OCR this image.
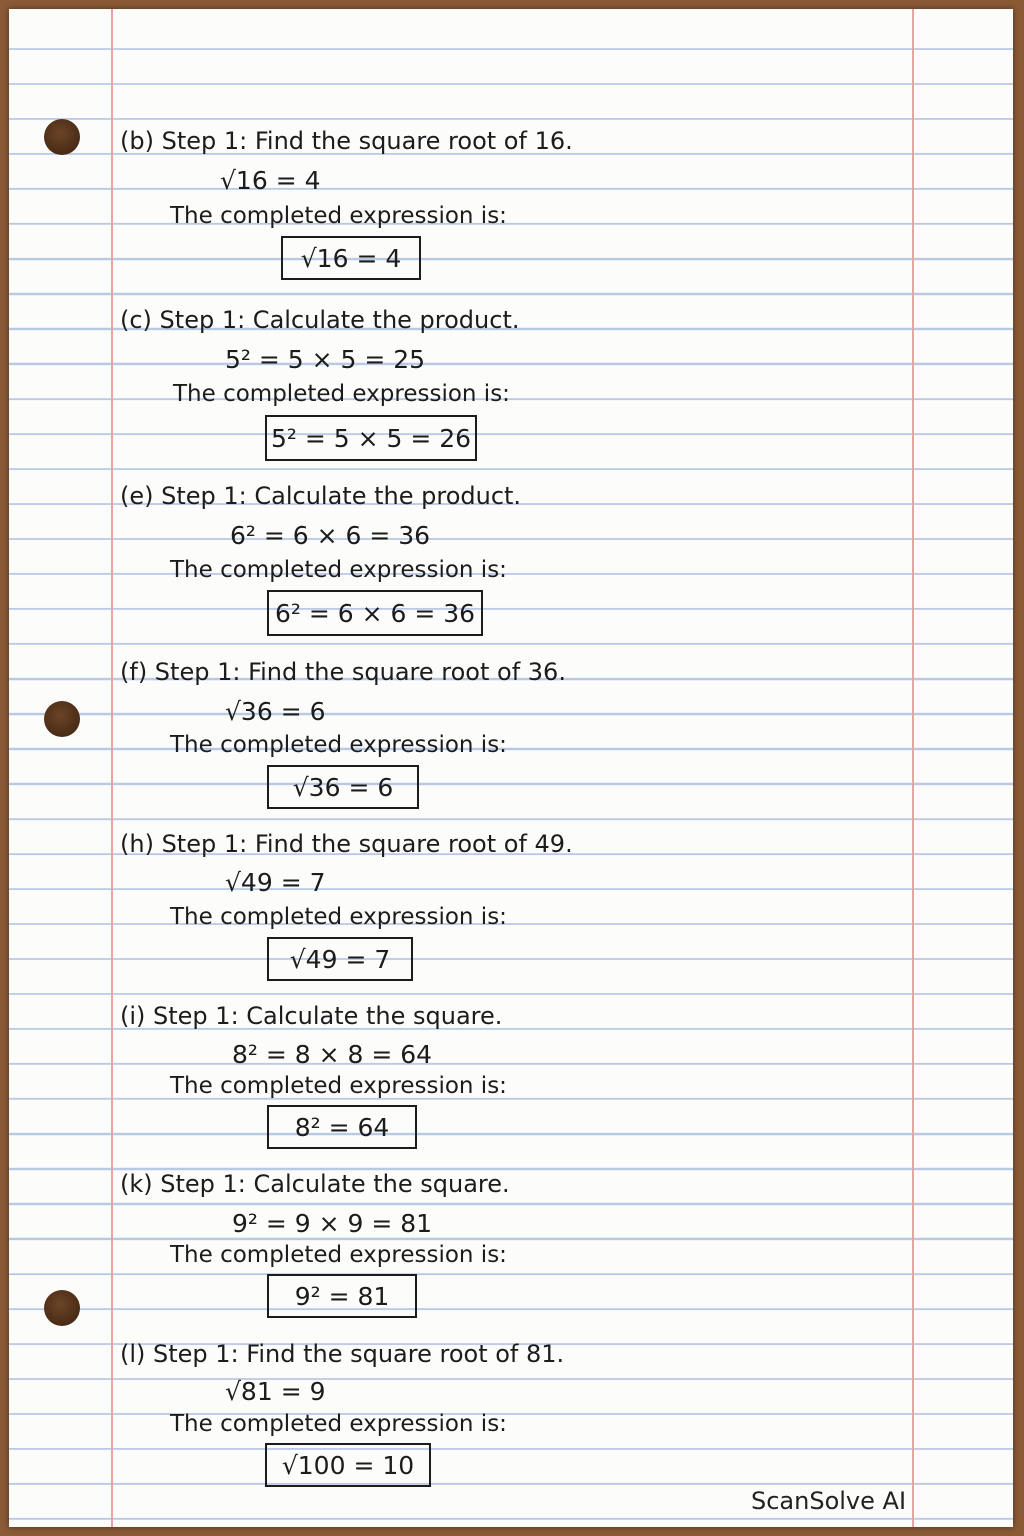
(b) Step 1: Find the square root of 16.
√16 = 4
The completed expression is:
√16 = 4
(c) Step 1: Calculate the product.
5² = 5 × 5 = 25
The completed expression is:
5² = 5 × 5 = 26
(e) Step 1: Calculate the product.
6² = 6 × 6 = 36
The completed expression is:
6² = 6 × 6 = 36
(f) Step 1: Find the square root of 36.
√36 = 6
The completed expression is:
√36 = 6
(h) Step 1: Find the square root of 49.
√49 = 7
The completed expression is:
√49 = 7
(i) Step 1: Calculate the square.
8² = 8 × 8 = 64
The completed expression is:
8² = 64
(k) Step 1: Calculate the square.
9² = 9 × 9 = 81
The completed expression is:
9² = 81
(l) Step 1: Find the square root of 81.
√81 = 9
The completed expression is:
√100 = 10
ScanSolve AI
